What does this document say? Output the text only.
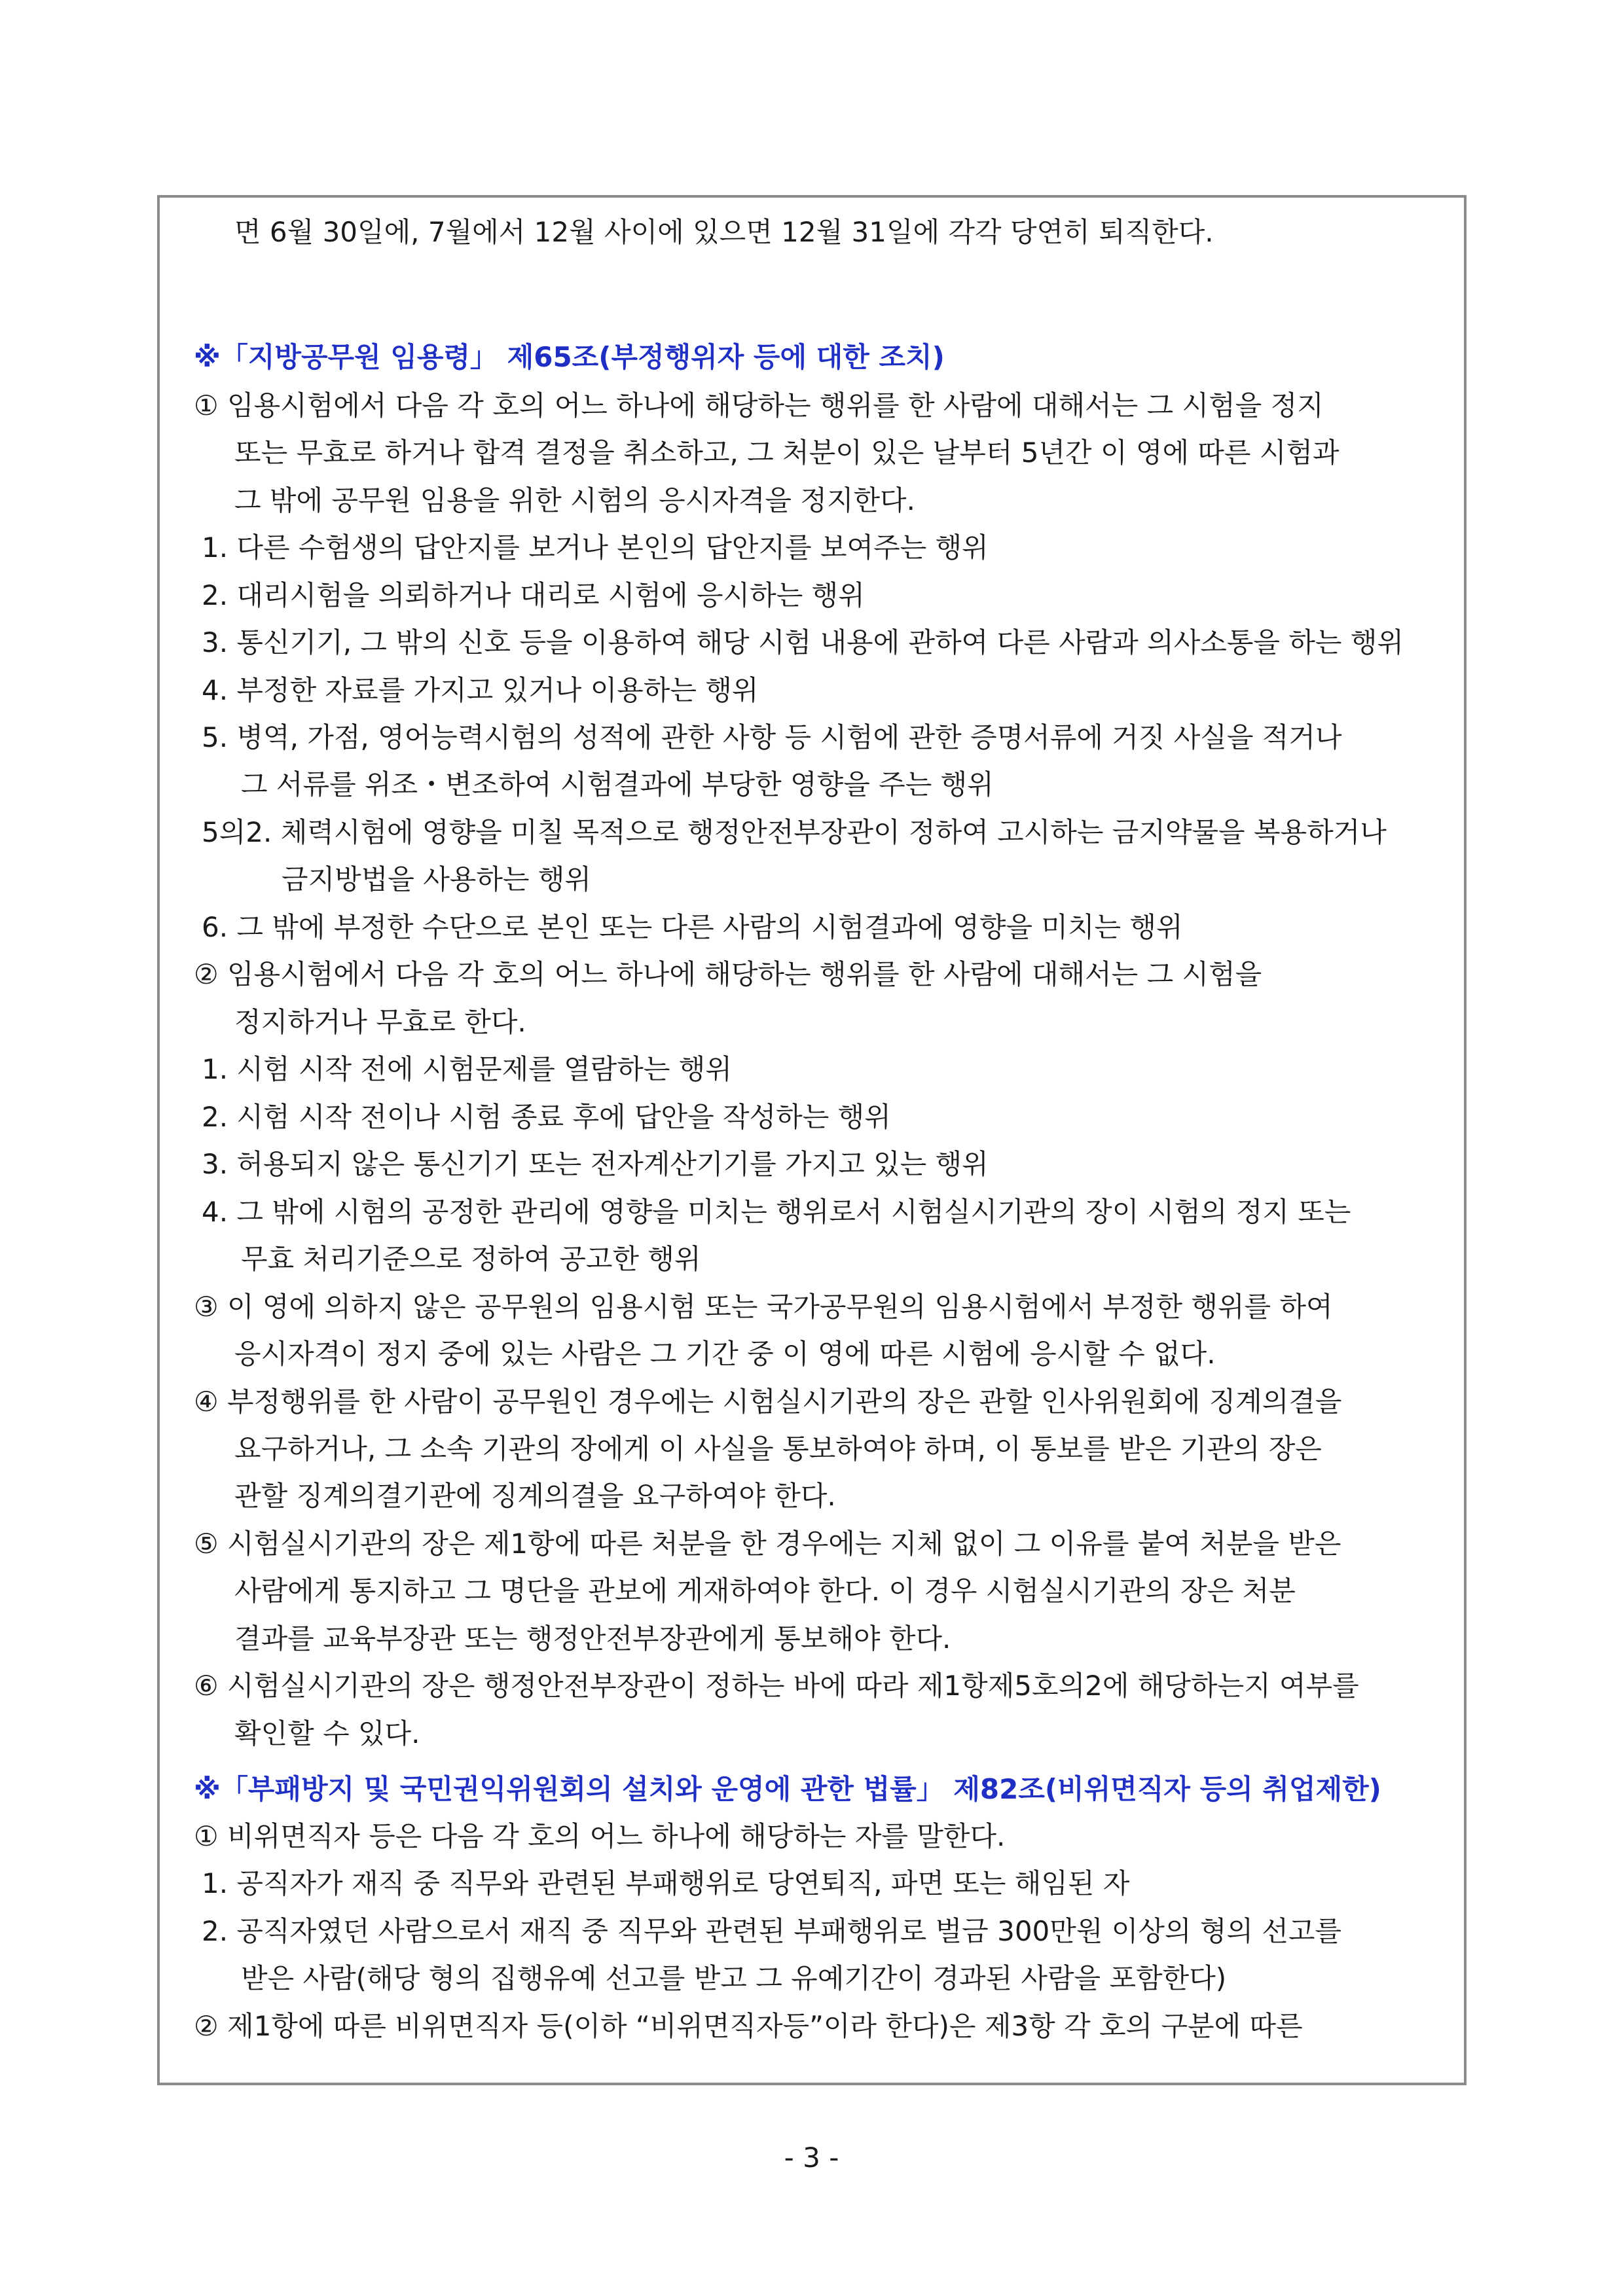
면 6월 30일에, 7월에서 12월 사이에 있으면 12월 31일에 각각 당연히 퇴직한다.
※「지방공무원 임용령」 제65조(부정행위자 등에 대한 조치)
① 임용시험에서 다음 각 호의 어느 하나에 해당하는 행위를 한 사람에 대해서는 그 시험을 정지
또는 무효로 하거나 합격 결정을 취소하고, 그 처분이 있은 날부터 5년간 이 영에 따른 시험과
그 밖에 공무원 임용을 위한 시험의 응시자격을 정지한다.
1. 다른 수험생의 답안지를 보거나 본인의 답안지를 보여주는 행위
2. 대리시험을 의뢰하거나 대리로 시험에 응시하는 행위
3. 통신기기, 그 밖의 신호 등을 이용하여 해당 시험 내용에 관하여 다른 사람과 의사소통을 하는 행위
4. 부정한 자료를 가지고 있거나 이용하는 행위
5. 병역, 가점, 영어능력시험의 성적에 관한 사항 등 시험에 관한 증명서류에 거짓 사실을 적거나
그 서류를 위조・변조하여 시험결과에 부당한 영향을 주는 행위
5의2. 체력시험에 영향을 미칠 목적으로 행정안전부장관이 정하여 고시하는 금지약물을 복용하거나
금지방법을 사용하는 행위
6. 그 밖에 부정한 수단으로 본인 또는 다른 사람의 시험결과에 영향을 미치는 행위
② 임용시험에서 다음 각 호의 어느 하나에 해당하는 행위를 한 사람에 대해서는 그 시험을
정지하거나 무효로 한다.
1. 시험 시작 전에 시험문제를 열람하는 행위
2. 시험 시작 전이나 시험 종료 후에 답안을 작성하는 행위
3. 허용되지 않은 통신기기 또는 전자계산기기를 가지고 있는 행위
4. 그 밖에 시험의 공정한 관리에 영향을 미치는 행위로서 시험실시기관의 장이 시험의 정지 또는
무효 처리기준으로 정하여 공고한 행위
③ 이 영에 의하지 않은 공무원의 임용시험 또는 국가공무원의 임용시험에서 부정한 행위를 하여
응시자격이 정지 중에 있는 사람은 그 기간 중 이 영에 따른 시험에 응시할 수 없다.
④ 부정행위를 한 사람이 공무원인 경우에는 시험실시기관의 장은 관할 인사위원회에 징계의결을
요구하거나, 그 소속 기관의 장에게 이 사실을 통보하여야 하며, 이 통보를 받은 기관의 장은
관할 징계의결기관에 징계의결을 요구하여야 한다.
⑤ 시험실시기관의 장은 제1항에 따른 처분을 한 경우에는 지체 없이 그 이유를 붙여 처분을 받은
사람에게 통지하고 그 명단을 관보에 게재하여야 한다. 이 경우 시험실시기관의 장은 처분
결과를 교육부장관 또는 행정안전부장관에게 통보해야 한다.
⑥ 시험실시기관의 장은 행정안전부장관이 정하는 바에 따라 제1항제5호의2에 해당하는지 여부를
확인할 수 있다.
※「부패방지 및 국민권익위원회의 설치와 운영에 관한 법률」 제82조(비위면직자 등의 취업제한)
① 비위면직자 등은 다음 각 호의 어느 하나에 해당하는 자를 말한다.
1. 공직자가 재직 중 직무와 관련된 부패행위로 당연퇴직, 파면 또는 해임된 자
2. 공직자였던 사람으로서 재직 중 직무와 관련된 부패행위로 벌금 300만원 이상의 형의 선고를
받은 사람(해당 형의 집행유예 선고를 받고 그 유예기간이 경과된 사람을 포함한다)
② 제1항에 따른 비위면직자 등(이하 “비위면직자등”이라 한다)은 제3항 각 호의 구분에 따른
- 3 -
